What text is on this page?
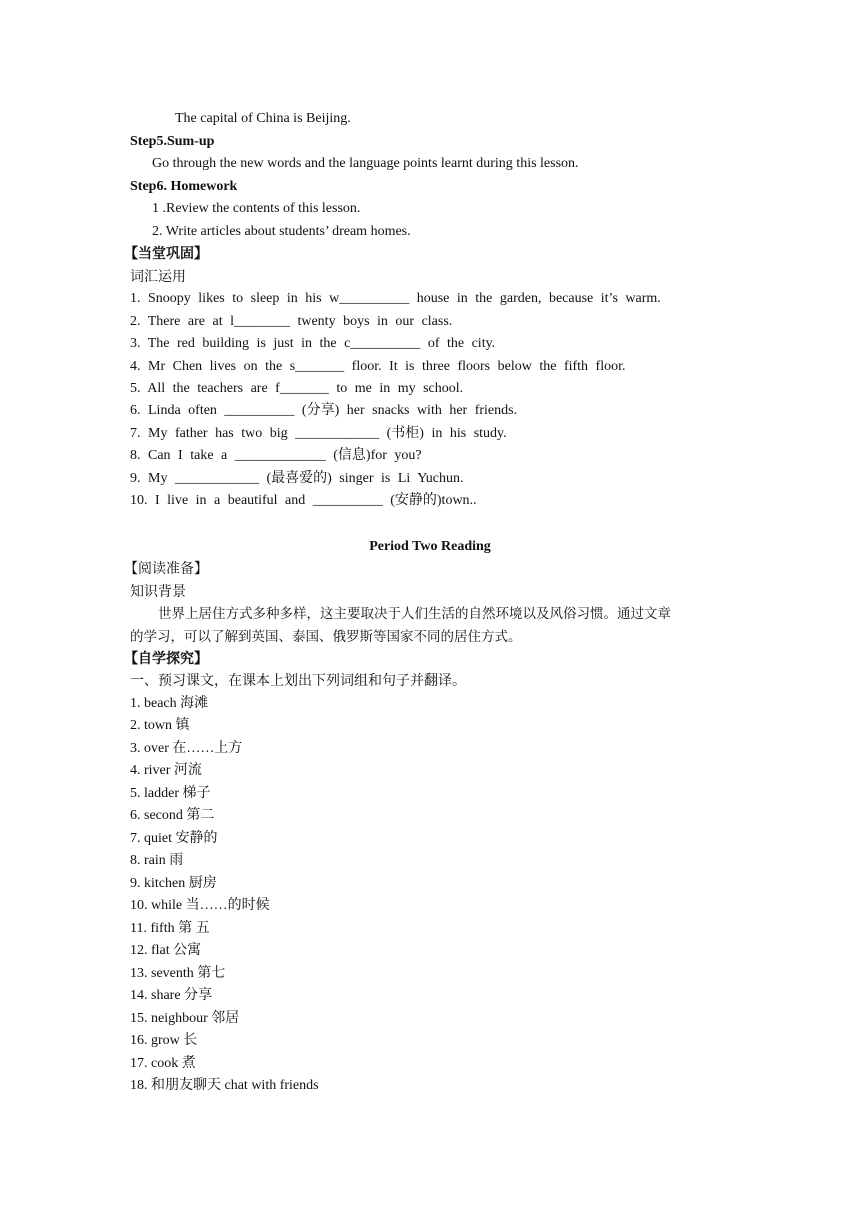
The capital of China is Beijing.
Step5.Sum-up
Go through the new words and the language points learnt during this lesson.
Step6. Homework
1 .Review the contents of this lesson.
2. Write articles about students’ dream homes.
【当堂巩固】
词汇运用
1. Snoopy likes to sleep in his w__________ house in the garden, because it’s warm.
2. There are at l________ twenty boys in our class.
3. The red building is just in the c__________ of the city.
4. Mr Chen lives on the s_______ floor. It is three floors below the fifth floor.
5. All the teachers are f_______ to me in my school.
6. Linda often __________ (分享) her snacks with her friends.
7. My father has two big ____________ (书柜) in his study.
8. Can I take a _____________ (信息)for you?
9. My ____________ (最喜爱的) singer is Li Yuchun.
10. I live in a beautiful and __________ (安静的)town..
Period Two Reading
【阅读准备】
知识背景
世界上居住方式多种多样，这主要取决于人们生活的自然环境以及风俗习惯。通过文章
的学习，可以了解到英国、泰国、俄罗斯等国家不同的居住方式。
【自学探究】
一、预习课文，在课本上划出下列词组和句子并翻译。
1. beach 海滩
2. town 镇
3. over 在……上方
4. river 河流
5. ladder 梯子
6. second 第二
7. quiet 安静的
8. rain 雨
9. kitchen 厨房
10. while 当……的时候
11. fifth 第 五
12. flat 公寓
13. seventh 第七
14. share 分享
15. neighbour 邻居
16. grow 长
17. cook 煮
18. 和朋友聊天 chat with friends
